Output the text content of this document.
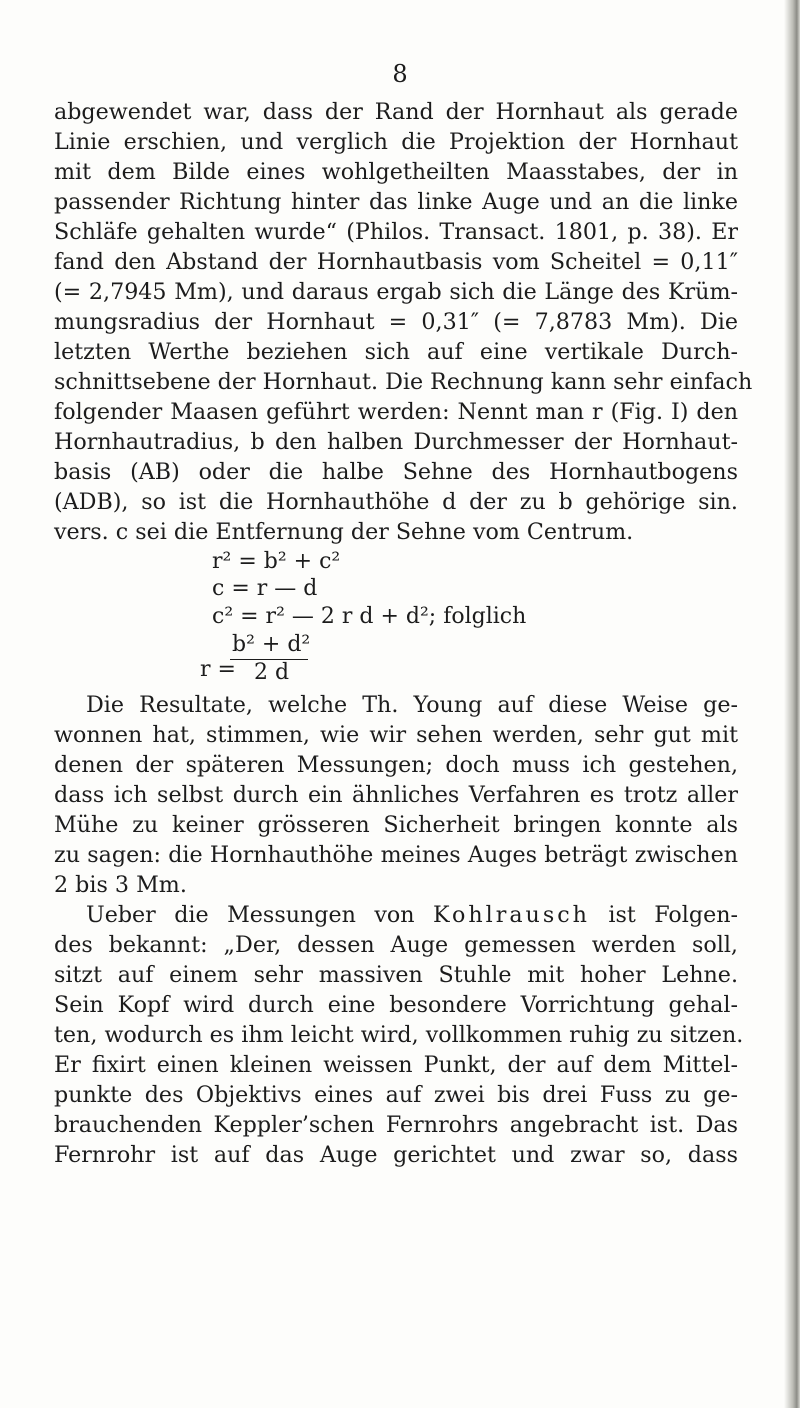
8

abgewendet war, dass der Rand der Hornhaut als gerade

Linie erschien, und verglich die Projektion der Hornhaut

mit dem Bilde eines wohlgetheilten Maasstabes, der in

passender Richtung hinter das linke Auge und an die linke

Schläfe gehalten wurde“ (Philos. Transact. 1801, p. 38). Er

fand den Abstand der Hornhautbasis vom Scheitel = 0,11″

(= 2,7945 Mm), und daraus ergab sich die Länge des Krüm-

mungsradius der Hornhaut = 0,31″ (= 7,8783 Mm). Die

letzten Werthe beziehen sich auf eine vertikale Durch-

schnittsebene der Hornhaut. Die Rechnung kann sehr einfach

folgender Maasen geführt werden: Nennt man r (Fig. I) den

Hornhautradius, b den halben Durchmesser der Hornhaut-

basis (AB) oder die halbe Sehne des Hornhautbogens

(ADB), so ist die Hornhauthöhe d der zu b gehörige sin.

vers. c sei die Entfernung der Sehne vom Centrum.

r² = b² + c²
c = r — d
c² = r² — 2 r d + d²; folglich
r =
b² + d²
2 d

Die Resultate, welche Th. Young auf diese Weise ge-

wonnen hat, stimmen, wie wir sehen werden, sehr gut mit

denen der späteren Messungen; doch muss ich gestehen,

dass ich selbst durch ein ähnliches Verfahren es trotz aller

Mühe zu keiner grösseren Sicherheit bringen konnte als

zu sagen: die Hornhauthöhe meines Auges beträgt zwischen

2 bis 3 Mm.

Ueber die Messungen von Kohlrausch ist Folgen-

des bekannt: „Der, dessen Auge gemessen werden soll,

sitzt auf einem sehr massiven Stuhle mit hoher Lehne.

Sein Kopf wird durch eine besondere Vorrichtung gehal-

ten, wodurch es ihm leicht wird, vollkommen ruhig zu sitzen.

Er fixirt einen kleinen weissen Punkt, der auf dem Mittel-

punkte des Objektivs eines auf zwei bis drei Fuss zu ge-

brauchenden Keppler’schen Fernrohrs angebracht ist. Das

Fernrohr ist auf das Auge gerichtet und zwar so, dass
